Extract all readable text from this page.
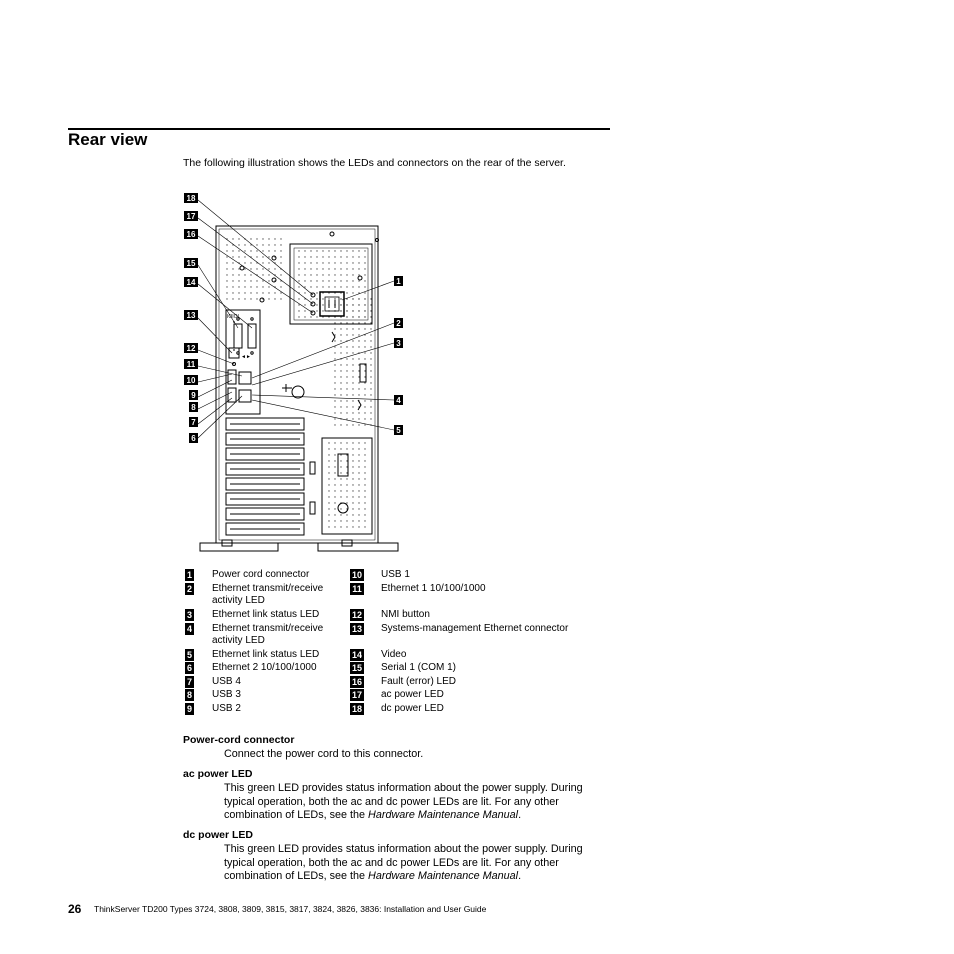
Rear view
The following illustration shows the LEDs and connectors on the rear of the server.
IOIOI
◄►
18
17
16
15
14
13
12
11
10
9
8
7
6
1
2
3
4
5
1 Power cord connector
2 Ethernet transmit/receive activity LED
3 Ethernet link status LED
4 Ethernet transmit/receive activity LED
5 Ethernet link status LED
6 Ethernet 2 10/100/1000
7 USB 4
8 USB 3
9 USB 2
10 USB 1
11 Ethernet 1 10/100/1000
12 NMI button
13 Systems-management Ethernet connector
14 Video
15 Serial 1 (COM 1)
16 Fault (error) LED
17 ac power LED
18 dc power LED
Power-cord connector
Connect the power cord to this connector.
ac power LED
This green LED provides status information about the power supply. During typical operation, both the ac and dc power LEDs are lit. For any other combination of LEDs, see the Hardware Maintenance Manual.
dc power LED
This green LED provides status information about the power supply. During typical operation, both the ac and dc power LEDs are lit. For any other combination of LEDs, see the Hardware Maintenance Manual.
26 ThinkServer TD200 Types 3724, 3808, 3809, 3815, 3817, 3824, 3826, 3836: Installation and User Guide
